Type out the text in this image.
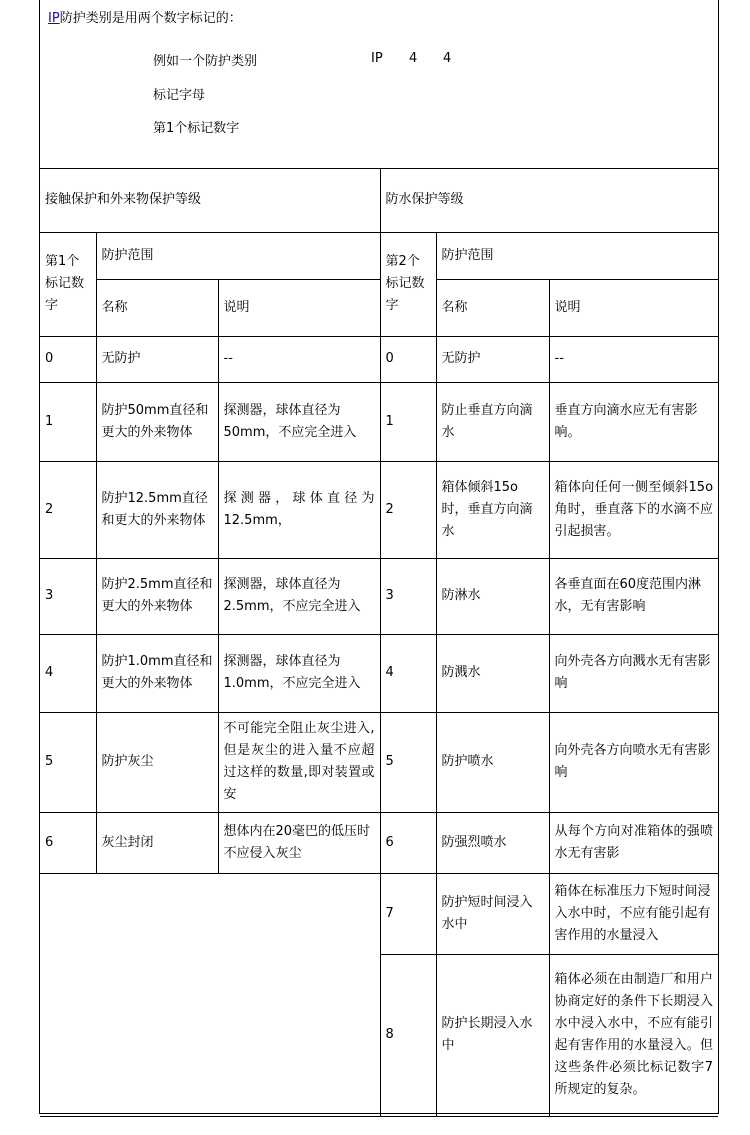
IP防护类别是用两个数字标记的：
例如一个防护类别	IP 4 4
标记字母
第1个标记数字
接触保护和外来物保护等级			防水保护等级		
第1个标记数字	防护范围		第2个标记数字	防护范围	
	名称	说明		名称	说明
0	无防护	--	0	无防护	--
1	防护50mm直径和更大的外来物体	探测器，球体直径为50mm，不应完全进入	1	防止垂直方向滴水	垂直方向滴水应无有害影响。
2	防护12.5mm直径和更大的外来物体	探测器，球体直径为12.5mm，	2	箱体倾斜15o时，垂直方向滴水	箱体向任何一侧至倾斜15o角时，垂直落下的水滴不应引起损害。
3	防护2.5mm直径和更大的外来物体	探测器，球体直径为2.5mm，不应完全进入	3	防淋水	各垂直面在60度范围内淋水，无有害影响
4	防护1.0mm直径和更大的外来物体	探测器，球体直径为1.0mm，不应完全进入	4	防溅水	向外壳各方向溅水无有害影响
5	防护灰尘	不可能完全阻止灰尘进入,但是灰尘的进入量不应超过这样的数量,即对装置或安	5	防护喷水	向外壳各方向喷水无有害影响
6	灰尘封闭	想体内在20毫巴的低压时不应侵入灰尘	6	防强烈喷水	从每个方向对准箱体的强喷水无有害影
			7	防护短时间浸入水中	箱体在标准压力下短时间浸入水中时，不应有能引起有害作用的水量浸入
			8	防护长期浸入水中	箱体必须在由制造厂和用户协商定好的条件下长期浸入水中浸入水中，不应有能引起有害作用的水量浸入。但这些条件必须比标记数字7所规定的复杂。
